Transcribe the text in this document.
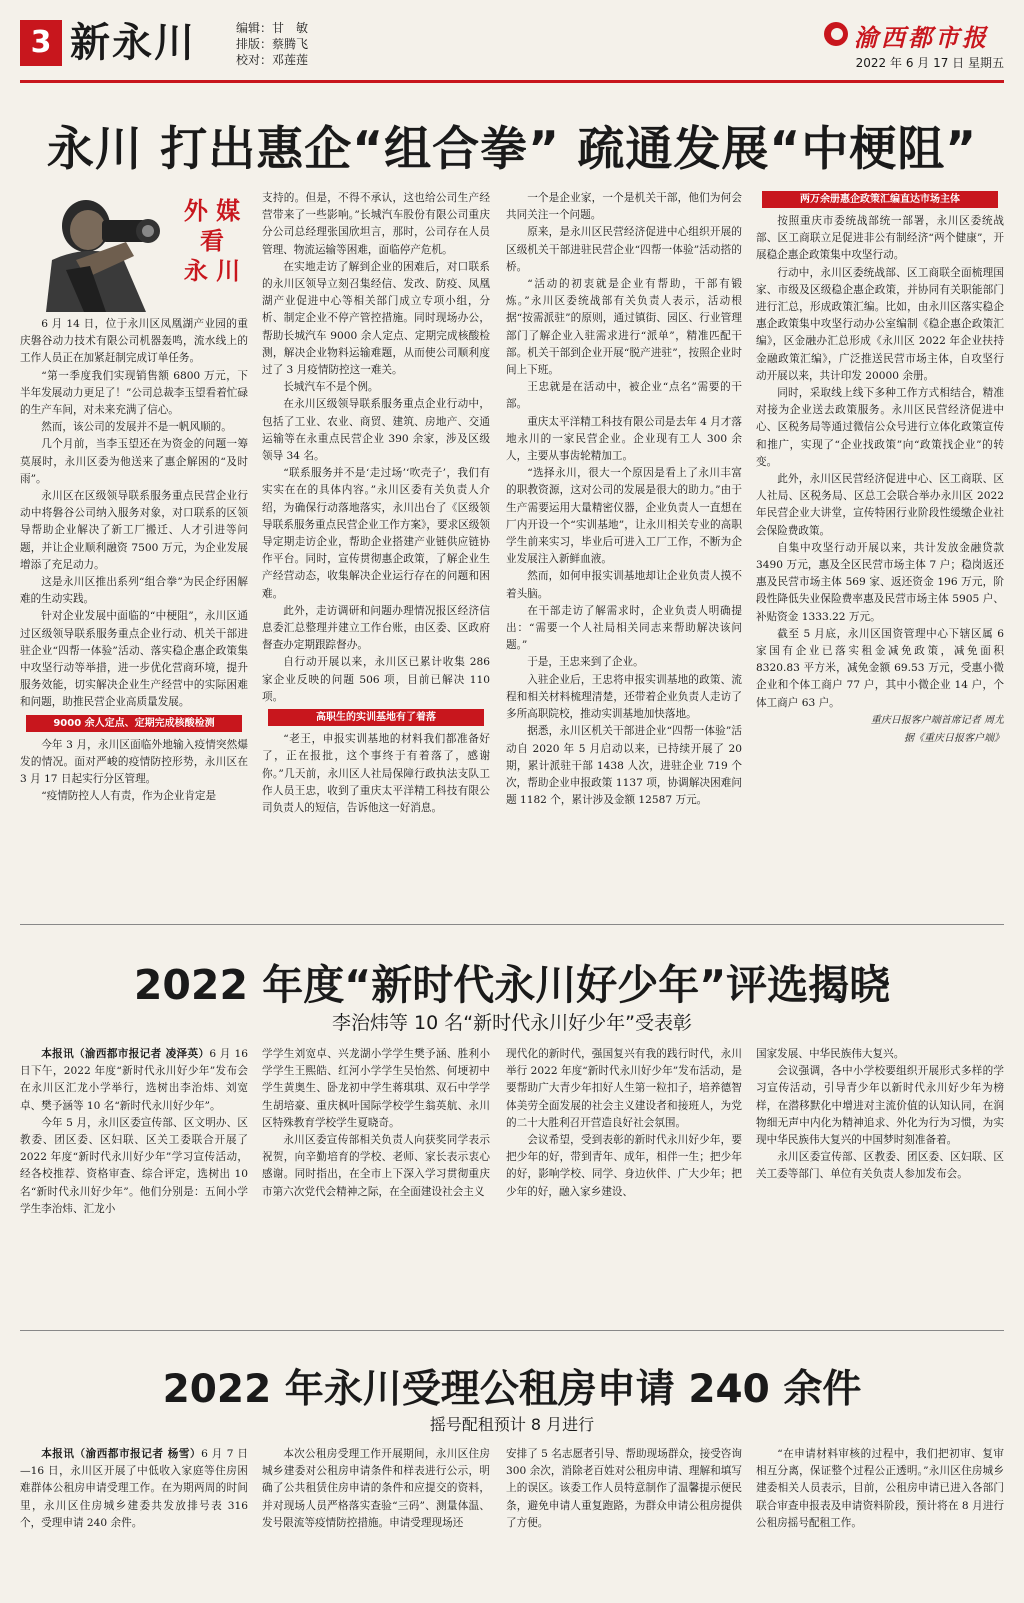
3 新永川	编辑：甘　敏
排版：蔡腾飞
校对：邓莲莲
渝西都市报
2022 年 6 月 17 日 星期五
永川 打出惠企“组合拳” 疏通发展“中梗阻”
外 媒
看
永 川

6 月 14 日，位于永川区凤凰湖产业园的重庆磐谷动力技术有限公司机器轰鸣，流水线上的工作人员正在加紧赶制完成订单任务。

“第一季度我们实现销售额 6800 万元，下半年发展动力更足了！”公司总裁李玉望看着忙碌的生产车间，对未来充满了信心。

然而，该公司的发展并不是一帆风顺的。

几个月前，当李玉望还在为资金的问题一筹莫展时，永川区委为他送来了惠企解困的“及时雨”。

永川区在区级领导联系服务重点民营企业行动中将磐谷公司纳入服务对象，对口联系的区领导帮助企业解决了新工厂搬迁、人才引进等问题，并让企业顺利融资 7500 万元，为企业发展增添了充足动力。

这是永川区推出系列“组合拳”为民企纾困解难的生动实践。

针对企业发展中面临的“中梗阻”，永川区通过区级领导联系服务重点企业行动、机关干部进驻企业“四帮一体验”活动、落实稳企惠企政策集中攻坚行动等举措，进一步优化营商环境，提升服务效能，切实解决企业生产经营中的实际困难和问题，助推民营企业高质量发展。

9000 余人定点、定期完成核酸检测

今年 3 月，永川区面临外地输入疫情突然爆发的情况。面对严峻的疫情防控形势，永川区在 3 月 17 日起实行分区管理。

“疫情防控人人有责，作为企业肯定是

支持的。但是，不得不承认，这也给公司生产经营带来了一些影响。”长城汽车股份有限公司重庆分公司总经理张国欣坦言，那时，公司存在人员管理、物流运输等困难，面临停产危机。

在实地走访了解到企业的困难后，对口联系的永川区领导立刻召集经信、发改、防疫、凤凰湖产业促进中心等相关部门成立专项小组，分析、制定企业不停产管控措施。同时现场办公，帮助长城汽车 9000 余人定点、定期完成核酸检测，解决企业物料运输难题，从而使公司顺利度过了 3 月疫情防控这一难关。

长城汽车不是个例。

在永川区级领导联系服务重点企业行动中，包括了工业、农业、商贸、建筑、房地产、交通运输等在永重点民营企业 390 余家，涉及区级领导 34 名。

“联系服务并不是‘走过场’‘吹壳子’，我们有实实在在的具体内容。”永川区委有关负责人介绍，为确保行动落地落实，永川出台了《区级领导联系服务重点民营企业工作方案》，要求区级领导定期走访企业，帮助企业搭建产业链供应链协作平台。同时，宣传贯彻惠企政策，了解企业生产经营动态，收集解决企业运行存在的问题和困难。

此外，走访调研和问题办理情况报区经济信息委汇总整理并建立工作台账，由区委、区政府督查办定期跟踪督办。

自行动开展以来，永川区已累计收集 286 家企业反映的问题 506 项，目前已解决 110 项。

高职生的实训基地有了着落

“老王，申报实训基地的材料我们都准备好了，正在报批，这个事终于有着落了，感谢你。”几天前，永川区人社局保障行政执法支队工作人员王忠，收到了重庆太平洋精工科技有限公司负责人的短信，告诉他这一好消息。

一个是企业家，一个是机关干部，他们为何会共同关注一个问题。

原来，是永川区民营经济促进中心组织开展的区级机关干部进驻民营企业“四帮一体验”活动搭的桥。

“活动的初衷就是企业有帮助，干部有锻炼。”永川区委统战部有关负责人表示，活动根据“按需派驻”的原则，通过镇街、园区、行业管理部门了解企业入驻需求进行“派单”，精准匹配干部。机关干部到企业开展“脱产进驻”，按照企业时间上下班。

王忠就是在活动中，被企业“点名”需要的干部。

重庆太平洋精工科技有限公司是去年 4 月才落地永川的一家民营企业。企业现有工人 300 余人，主要从事齿轮精加工。

“选择永川，很大一个原因是看上了永川丰富的职教资源，这对公司的发展是很大的助力。”由于生产需要运用大量精密仪器，企业负责人一直想在厂内开设一个“实训基地”，让永川相关专业的高职学生前来实习，毕业后可进入工厂工作，不断为企业发展注入新鲜血液。

然而，如何申报实训基地却让企业负责人摸不着头脑。

在干部走访了解需求时，企业负责人明确提出：“需要一个人社局相关同志来帮助解决该问题。”

于是，王忠来到了企业。

入驻企业后，王忠将申报实训基地的政策、流程和相关材料梳理清楚，还带着企业负责人走访了多所高职院校，推动实训基地加快落地。

据悉，永川区机关干部进企业“四帮一体验”活动自 2020 年 5 月启动以来，已持续开展了 20 期，累计派驻干部 1438 人次，进驻企业 719 个次，帮助企业申报政策 1137 项，协调解决困难问题 1182 个，累计涉及金额 12587 万元。

两万余册惠企政策汇编直达市场主体

按照重庆市委统战部统一部署，永川区委统战部、区工商联立足促进非公有制经济“两个健康”，开展稳企惠企政策集中攻坚行动。

行动中，永川区委统战部、区工商联全面梳理国家、市级及区级稳企惠企政策，并协同有关职能部门进行汇总，形成政策汇编。比如，由永川区落实稳企惠企政策集中攻坚行动办公室编制《稳企惠企政策汇编》，区金融办汇总形成《永川区 2022 年企业扶持金融政策汇编》，广泛推送民营市场主体，自攻坚行动开展以来，共计印发 20000 余册。

同时，采取线上线下多种工作方式相结合，精准对接为企业送去政策服务。永川区民营经济促进中心、区税务局等通过微信公众号进行立体化政策宣传和推广，实现了“企业找政策”向“政策找企业”的转变。

此外，永川区民营经济促进中心、区工商联、区人社局、区税务局、区总工会联合举办永川区 2022 年民营企业大讲堂，宣传特困行业阶段性缓缴企业社会保险费政策。

自集中攻坚行动开展以来，共计发放金融贷款 3490 万元，惠及全区民营市场主体 7 户；稳岗返还惠及民营市场主体 569 家、返还资金 196 万元，阶段性降低失业保险费率惠及民营市场主体 5905 户、补贴资金 1333.22 万元。

截至 5 月底，永川区国资管理中心下辖区属 6 家国有企业已落实租金减免政策，减免面积 8320.83 平方米，减免金额 69.53 万元，受惠小微企业和个体工商户 77 户，其中小微企业 14 户，个体工商户 63 户。

重庆日报客户端首席记者 周尤
据《重庆日报客户端》
2022 年度“新时代永川好少年”评选揭晓
李治炜等 10 名“新时代永川好少年”受表彰

本报讯（渝西都市报记者 凌泽英）6 月 16 日下午，2022 年度“新时代永川好少年”发布会在永川区汇龙小学举行，选树出李治炜、刘宽卓、樊予涵等 10 名“新时代永川好少年”。

今年 5 月，永川区委宣传部、区文明办、区教委、团区委、区妇联、区关工委联合开展了 2022 年度“新时代永川好少年”学习宣传活动，经各校推荐、资格审查、综合评定，选树出 10 名“新时代永川好少年”。他们分别是：五间小学学生李治炜、汇龙小

学学生刘宽卓、兴龙湖小学学生樊予涵、胜利小学学生王熙皓、红河小学学生吴怡然、何埂初中学生黄奥生、卧龙初中学生蒋琪琪、双石中学学生胡培豪、重庆枫叶国际学校学生翁英航、永川区特殊教育学校学生夏晓奇。

永川区委宣传部相关负责人向获奖同学表示祝贺，向辛勤培育的学校、老师、家长表示衷心感谢。同时指出，在全市上下深入学习贯彻重庆市第六次党代会精神之际，在全面建设社会主义

现代化的新时代，强国复兴有我的践行时代，永川举行 2022 年度“新时代永川好少年”发布活动，是要帮助广大青少年扣好人生第一粒扣子，培养德智体美劳全面发展的社会主义建设者和接班人，为党的二十大胜利召开营造良好社会氛围。

会议希望，受到表彰的新时代永川好少年，要把少年的好，带到青年、成年，相伴一生；把少年的好，影响学校、同学、身边伙伴、广大少年；把少年的好，融入家乡建设、

国家发展、中华民族伟大复兴。

会议强调，各中小学校要组织开展形式多样的学习宣传活动，引导青少年以新时代永川好少年为榜样，在潜移默化中增进对主流价值的认知认同，在润物细无声中内化为精神追求、外化为行为习惯，为实现中华民族伟大复兴的中国梦时刻准备着。

永川区委宣传部、区教委、团区委、区妇联、区关工委等部门、单位有关负责人参加发布会。

2022 年永川受理公租房申请 240 余件
摇号配租预计 8 月进行

本报讯（渝西都市报记者 杨雪）6 月 7 日—16 日，永川区开展了中低收入家庭等住房困难群体公租房申请受理工作。在为期两周的时间里，永川区住房城乡建委共发放排号表 316 个，受理申请 240 余件。

本次公租房受理工作开展期间，永川区住房城乡建委对公租房申请条件和样表进行公示，明确了公共租赁住房申请的条件和应提交的资料，并对现场人员严格落实查验“三码”、测量体温、发号限流等疫情防控措施。申请受理现场还

安排了 5 名志愿者引导、帮助现场群众，接受咨询 300 余次，消除老百姓对公租房申请、理解和填写上的误区。该委工作人员特意制作了温馨提示便民条，避免申请人重复跑路，为群众申请公租房提供了方便。

“在申请材料审核的过程中，我们把初审、复审相互分离，保证整个过程公正透明。”永川区住房城乡建委相关人员表示，目前，公租房申请已进入各部门联合审查申报表及申请资料阶段，预计将在 8 月进行公租房摇号配租工作。
